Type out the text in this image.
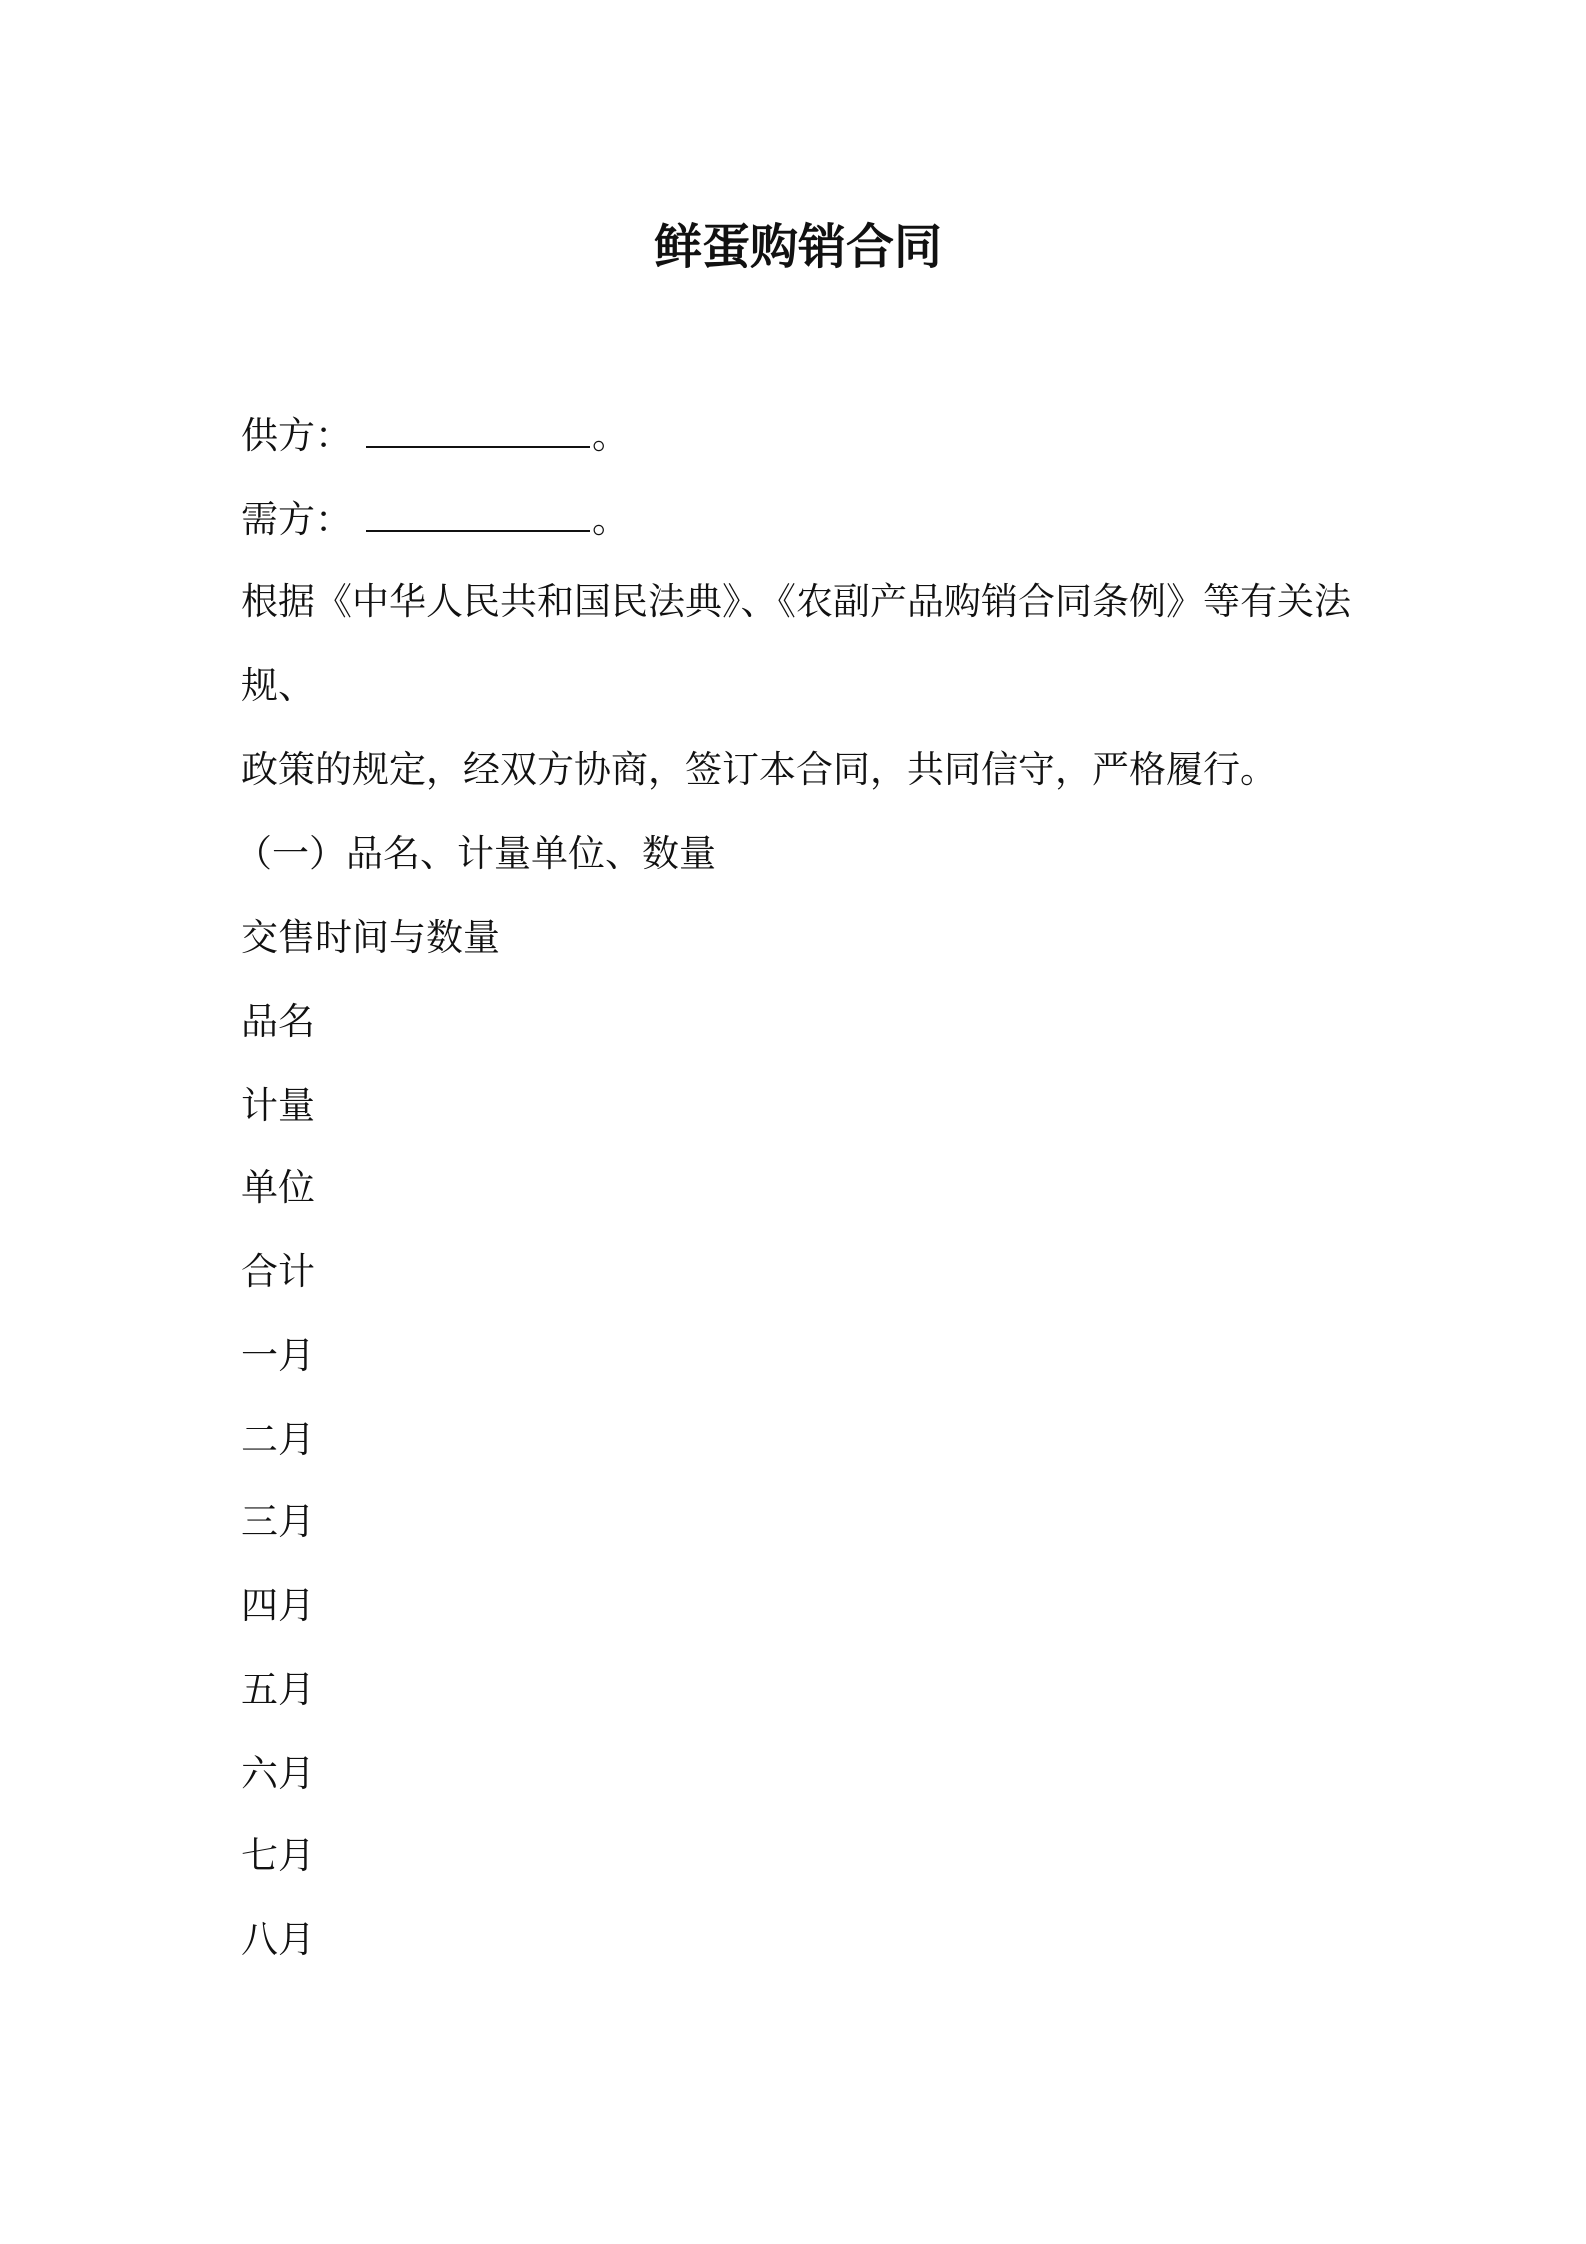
鲜蛋购销合同
供方：	。
需方：	。

根据《中华人民共和国民法典》、《农副产品购销合同条例》等有关法

规、

政策的规定，经双方协商，签订本合同，共同信守，严格履行。

（一）品名、计量单位、数量

交售时间与数量

品名

计量

单位

合计

一月

二月

三月

四月

五月

六月

七月

八月
